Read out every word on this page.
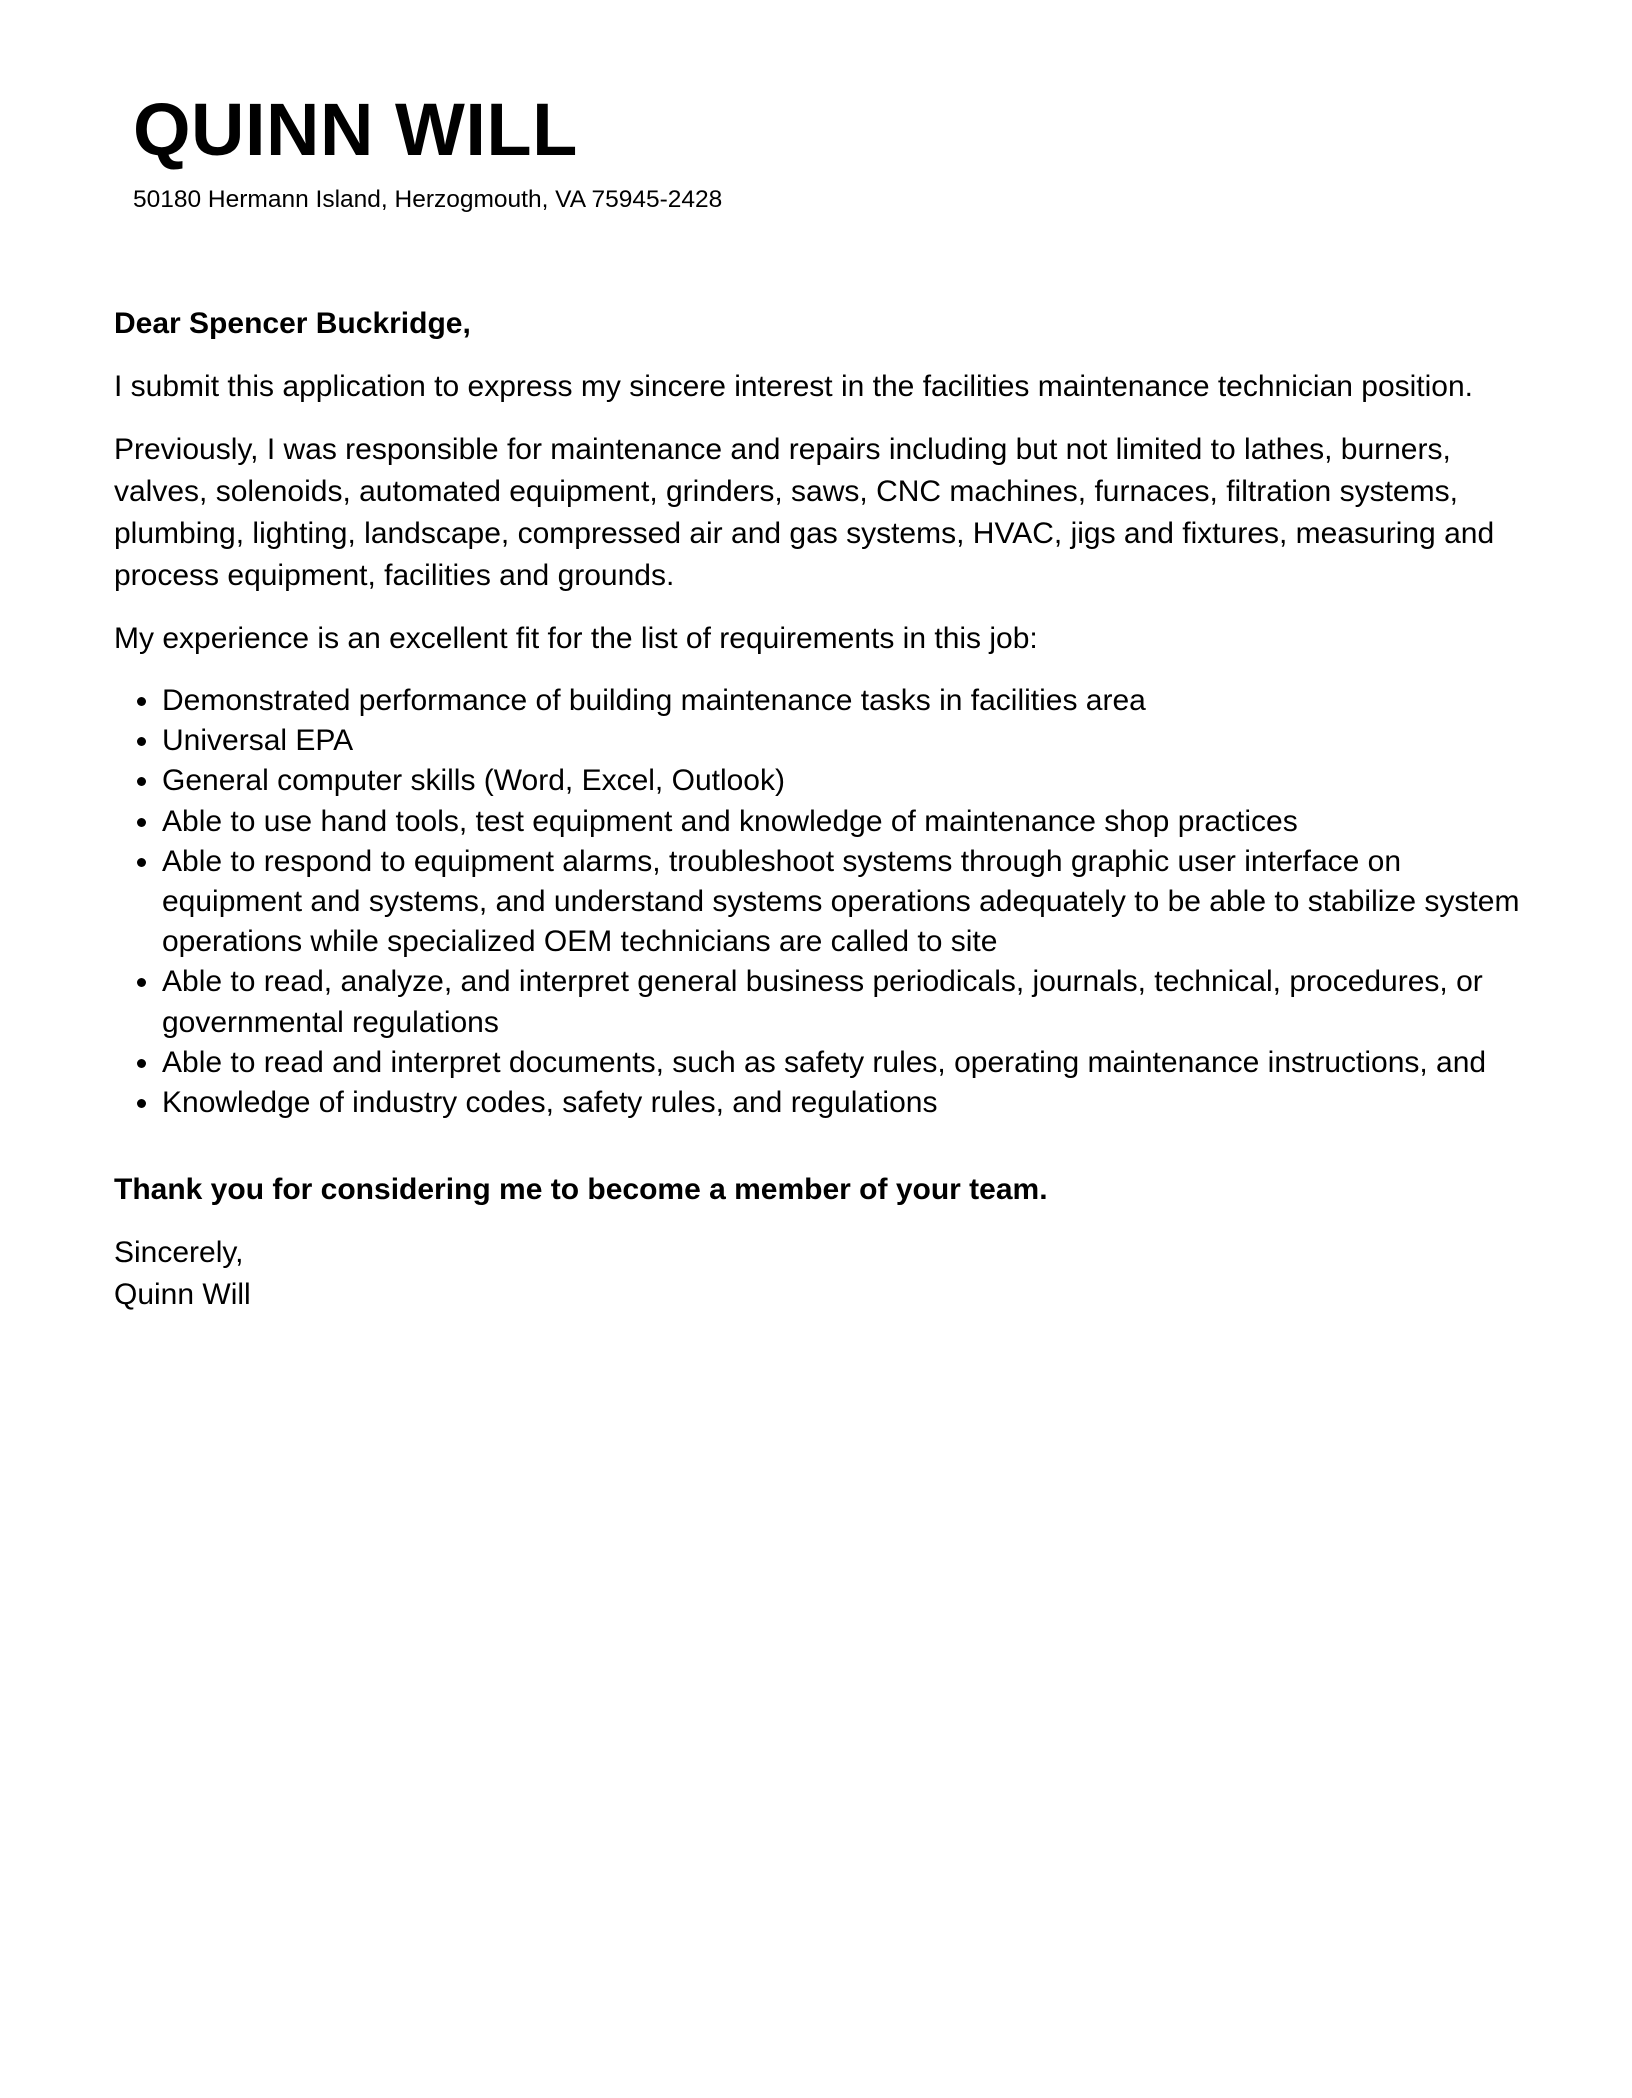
QUINN WILL

50180 Hermann Island, Herzogmouth, VA 75945-2428

Dear Spencer Buckridge,

I submit this application to express my sincere interest in the facilities maintenance technician position.

Previously, I was responsible for maintenance and repairs including but not limited to lathes, burners, valves, solenoids, automated equipment, grinders, saws, CNC machines, furnaces, filtration systems, plumbing, lighting, landscape, compressed air and gas systems, HVAC, jigs and fixtures, measuring and process equipment, facilities and grounds.

My experience is an excellent fit for the list of requirements in this job:

Demonstrated performance of building maintenance tasks in facilities area
Universal EPA
General computer skills (Word, Excel, Outlook)
Able to use hand tools, test equipment and knowledge of maintenance shop practices
Able to respond to equipment alarms, troubleshoot systems through graphic user interface on equipment and systems, and understand systems operations adequately to be able to stabilize system operations while specialized OEM technicians are called to site
Able to read, analyze, and interpret general business periodicals, journals, technical, procedures, or governmental regulations
Able to read and interpret documents, such as safety rules, operating maintenance instructions, and
Knowledge of industry codes, safety rules, and regulations

Thank you for considering me to become a member of your team.

Sincerely,
Quinn Will
